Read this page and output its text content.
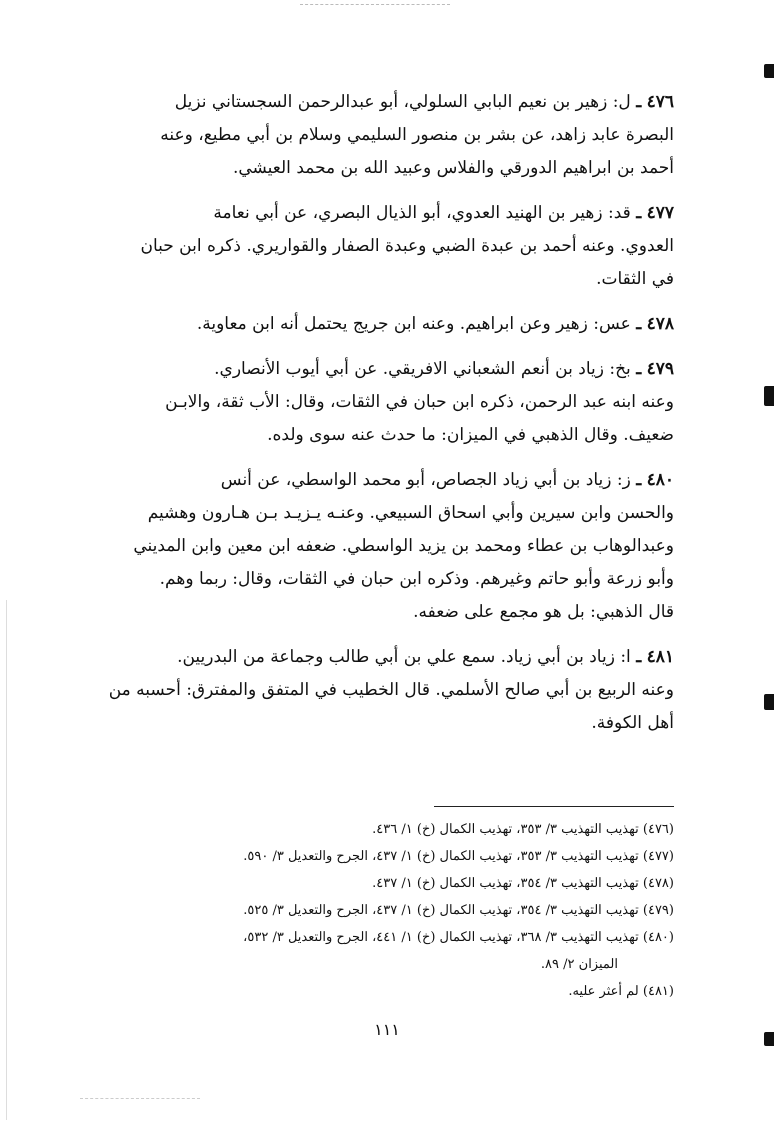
٤٧٦ ـ ل: زهير بن نعيم البابي السلولي، أبو عبدالرحمن السجستاني نزيل

البصرة عابد زاهد، عن بشر بن منصور السليمي وسلام بن أبي مطيع، وعنه

أحمد بن ابراهيم الدورقي والفلاس وعبيد الله بن محمد العيشي.

٤٧٧ ـ قد: زهير بن الهنيد العدوي، أبو الذيال البصري، عن أبي نعامة

العدوي. وعنه أحمد بن عبدة الضبي وعبدة الصفار والقواريري. ذكره ابن حبان

في الثقات.

٤٧٨ ـ عس: زهير وعن ابراهيم. وعنه ابن جريج يحتمل أنه ابن معاوية.

٤٧٩ ـ بخ: زياد بن أنعم الشعباني الافريقي. عن أبي أيوب الأنصاري.

وعنه ابنه عبد الرحمن، ذكره ابن حبان في الثقات، وقال: الأب ثقة، والابـن

ضعيف. وقال الذهبي في الميزان: ما حدث عنه سوى ولده.

٤٨٠ ـ ز: زياد بن أبي زياد الجصاص، أبو محمد الواسطي، عن أنس

والحسن وابن سيرين وأبي اسحاق السبيعي. وعنـه يـزيـد بـن هـارون وهشيم

وعبدالوهاب بن عطاء ومحمد بن يزيد الواسطي. ضعفه ابن معين وابن المديني

وأبو زرعة وأبو حاتم وغيرهم. وذكره ابن حبان في الثقات، وقال: ربما وهم.

قال الذهبي: بل هو مجمع على ضعفه.

٤٨١ ـ ا: زياد بن أبي زياد. سمع علي بن أبي طالب وجماعة من البدريين.

وعنه الربيع بن أبي صالح الأسلمي. قال الخطيب في المتفق والمفترق: أحسبه من

أهل الكوفة.

(٤٧٦) تهذيب التهذيب ٣/ ٣٥٣، تهذيب الكمال (خ) ١/ ٤٣٦.

(٤٧٧) تهذيب التهذيب ٣/ ٣٥٣، تهذيب الكمال (خ) ١/ ٤٣٧، الجرح والتعديل ٣/ ٥٩٠.

(٤٧٨) تهذيب التهذيب ٣/ ٣٥٤، تهذيب الكمال (خ) ١/ ٤٣٧.

(٤٧٩) تهذيب التهذيب ٣/ ٣٥٤، تهذيب الكمال (خ) ١/ ٤٣٧، الجرح والتعديل ٣/ ٥٢٥.

(٤٨٠) تهذيب التهذيب ٣/ ٣٦٨، تهذيب الكمال (خ) ١/ ٤٤١، الجرح والتعديل ٣/ ٥٣٢،

الميزان ٢/ ٨٩.

(٤٨١) لم أعثر عليه.

١١١
